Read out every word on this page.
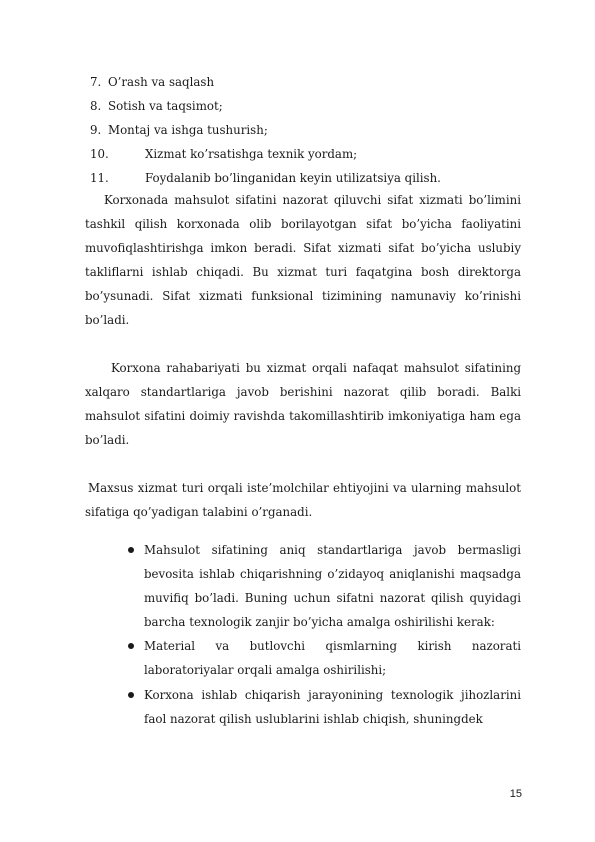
7. O’rash va saqlash
8. Sotish va taqsimot;
9. Montaj va ishga tushurish;
10.	Xizmat ko’rsatishga texnik yordam;
11.	Foydalanib bo’linganidan keyin utilizatsiya qilish.

Korxonada mahsulot sifatini nazorat qiluvchi sifat xizmati bo’limini tashkil qilish korxonada olib borilayotgan sifat bo’yicha faoliyatini muvofiqlashtirishga imkon beradi. Sifat xizmati sifat bo’yicha uslubiy takliflarni ishlab chiqadi. Bu xizmat turi faqatgina bosh direktorga bo’ysunadi. Sifat xizmati funksional tizimining namunaviy ko’rinishi bo’ladi.

Korxona rahabariyati bu xizmat orqali nafaqat mahsulot sifatining xalqaro standartlariga javob berishini nazorat qilib boradi. Balki mahsulot sifatini doimiy ravishda takomillashtirib imkoniyatiga ham ega bo’ladi.

Maxsus xizmat turi orqali iste’molchilar ehtiyojini va ularning mahsulot sifatiga qo’yadigan talabini o’rganadi.

Mahsulot sifatining aniq standartlariga javob bermasligi bevosita ishlab chiqarishning o’zidayoq aniqlanishi maqsadga muvifiq bo’ladi. Buning uchun sifatni nazorat qilish quyidagi barcha texnologik zanjir bo’yicha amalga oshirilishi kerak:
Material va butlovchi qismlarning kirish nazorati laboratoriyalar orqali amalga oshirilishi;
Korxona ishlab chiqarish jarayonining texnologik jihozlarini faol nazorat qilish uslublarini ishlab chiqish, shuningdek
15
